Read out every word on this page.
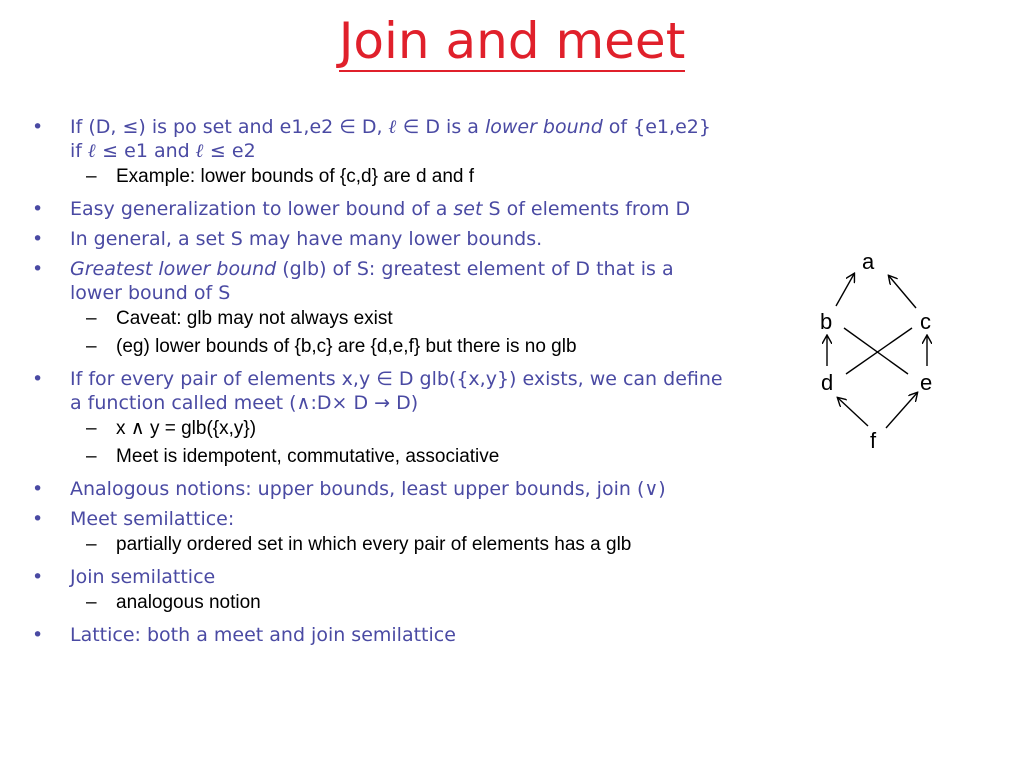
Join and meet
• If (D, ≤) is po set and e1,e2 ∈ D, ℓ ∈ D is a lower bound of {e1,e2}
if ℓ ≤ e1 and ℓ ≤ e2
– Example: lower bounds of {c,d} are d and f
• Easy generalization to lower bound of a set S of elements from D
• In general, a set S may have many lower bounds.
• Greatest lower bound (glb) of S: greatest element of D that is a
lower bound of S
– Caveat: glb may not always exist
– (eg) lower bounds of {b,c} are {d,e,f} but there is no glb
• If for every pair of elements x,y ∈ D glb({x,y}) exists, we can define
a function called meet (∧:D× D → D)
– x ∧ y = glb({x,y})
– Meet is idempotent, commutative, associative
• Analogous notions: upper bounds, least upper bounds, join (∨)
• Meet semilattice:
– partially ordered set in which every pair of elements has a glb
• Join semilattice
– analogous notion
• Lattice: both a meet and join semilattice
a
b	c
d	e
f
